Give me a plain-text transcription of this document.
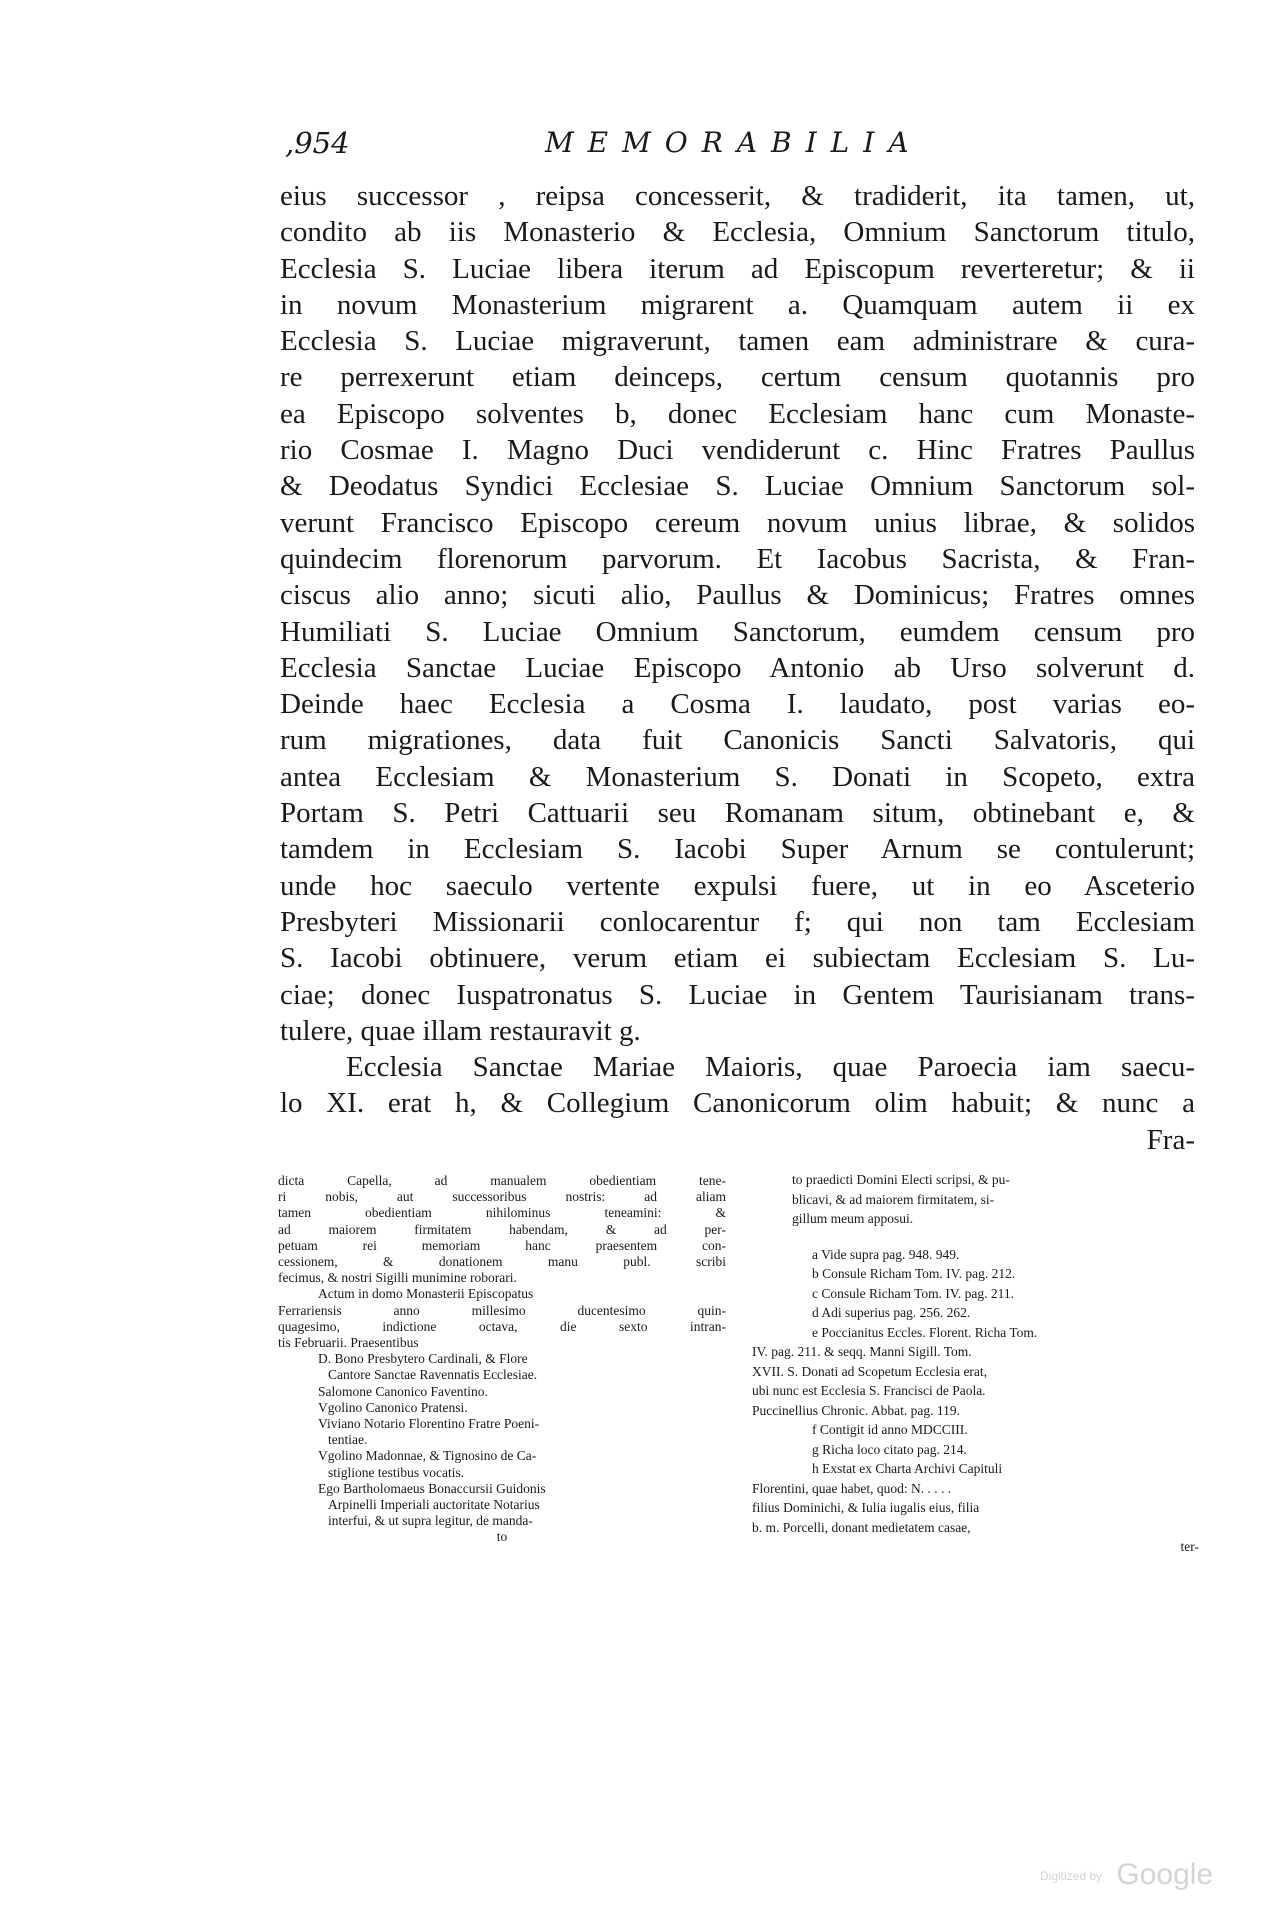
,954	MEMORABILIA
eius successor , reipsa concesserit, & tradiderit, ita tamen, ut,
condito ab iis Monasterio & Ecclesia, Omnium Sanctorum titulo,
Ecclesia S. Luciae libera iterum ad Episcopum reverteretur; & ii
in novum Monasterium migrarent a. Quamquam autem ii ex
Ecclesia S. Luciae migraverunt, tamen eam administrare & cura-
re perrexerunt etiam deinceps, certum censum quotannis pro
ea Episcopo solventes b, donec Ecclesiam hanc cum Monaste-
rio Cosmae I. Magno Duci vendiderunt c. Hinc Fratres Paullus
& Deodatus Syndici Ecclesiae S. Luciae Omnium Sanctorum sol-
verunt Francisco Episcopo cereum novum unius librae, & solidos
quindecim florenorum parvorum. Et Iacobus Sacrista, & Fran-
ciscus alio anno; sicuti alio, Paullus & Dominicus; Fratres omnes
Humiliati S. Luciae Omnium Sanctorum, eumdem censum pro
Ecclesia Sanctae Luciae Episcopo Antonio ab Urso solverunt d.
Deinde haec Ecclesia a Cosma I. laudato, post varias eo-
rum migrationes, data fuit Canonicis Sancti Salvatoris, qui
antea Ecclesiam & Monasterium S. Donati in Scopeto, extra
Portam S. Petri Cattuarii seu Romanam situm, obtinebant e, &
tamdem in Ecclesiam S. Iacobi Super Arnum se contulerunt;
unde hoc saeculo vertente expulsi fuere, ut in eo Asceterio
Presbyteri Missionarii conlocarentur f; qui non tam Ecclesiam
S. Iacobi obtinuere, verum etiam ei subiectam Ecclesiam S. Lu-
ciae; donec Iuspatronatus S. Luciae in Gentem Taurisianam trans-
tulere, quae illam restauravit g.
Ecclesia Sanctae Mariae Maioris, quae Paroecia iam saecu-
lo XI. erat h, & Collegium Canonicorum olim habuit; & nunc a
Fra-
dicta Capella, ad manualem obedientiam tene-
ri nobis, aut successoribus nostris: ad aliam
tamen obedientiam nihilominus teneamini: &
ad maiorem firmitatem habendam, & ad per-
petuam rei memoriam hanc praesentem con-
cessionem, & donationem manu publ. scribi
fecimus, & nostri Sigilli munimine roborari.
Actum in domo Monasterii Episcopatus
Ferrariensis anno millesimo ducentesimo quin-
quagesimo, indictione octava, die sexto intran-
tis Februarii. Praesentibus
D. Bono Presbytero Cardinali, & Flore
Cantore Sanctae Ravennatis Ecclesiae.
Salomone Canonico Faventino.
Vgolino Canonico Pratensi.
Viviano Notario Florentino Fratre Poeni-
tentiae.
Vgolino Madonnae, & Tignosino de Ca-
stiglione testibus vocatis.
Ego Bartholomaeus Bonaccursii Guidonis
Arpinelli Imperiali auctoritate Notarius
interfui, & ut supra legitur, de manda-
to
to praedicti Domini Electi scripsi, & pu-
blicavi, & ad maiorem firmitatem, si-
gillum meum apposui.
a Vide supra pag. 948. 949.
b Consule Richam Tom. IV. pag. 212.
c Consule Richam Tom. IV. pag. 211.
d Adi superius pag. 256. 262.
e Poccianitus Eccles. Florent. Richa Tom.
IV. pag. 211. & seqq. Manni Sigill. Tom.
XVII. S. Donati ad Scopetum Ecclesia erat,
ubi nunc est Ecclesia S. Francisci de Paola.
Puccinellius Chronic. Abbat. pag. 119.
f Contigit id anno MDCCIII.
g Richa loco citato pag. 214.
h Exstat ex Charta Archivi Capituli
Florentini, quae habet, quod: N. . . . .
filius Dominichi, & Iulia iugalis eius, filia
b. m. Porcelli, donant medietatem casae,
ter-
Digitized by Google
